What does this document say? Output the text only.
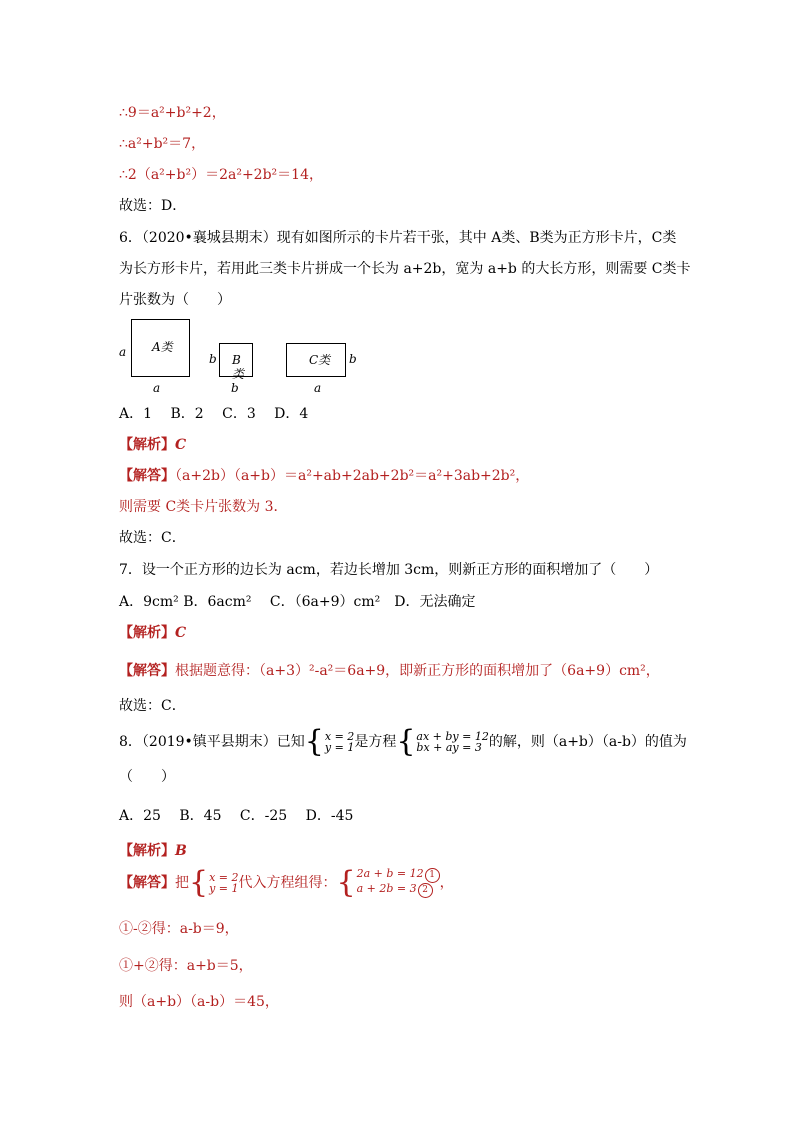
∴9＝a²+b²+2，
∴a²+b²＝7，
∴2（a²+b²）＝2a²+2b²＝14，
故选：D．
6．（2020•襄城县期末）现有如图所示的卡片若干张，其中 A类、B类为正方形卡片，C类
为长方形卡片，若用此三类卡片拼成一个长为 a+2b，宽为 a+b 的大长方形，则需要 C类卡
片张数为（　　）
a A类
a
b B类
b
C类 b
a
A．1　 B．2　 C．3　 D．4
【解析】C
【解答】（a+2b）（a+b）＝a²+ab+2ab+2b²＝a²+3ab+2b²，
则需要 C类卡片张数为 3．
故选：C．
7．设一个正方形的边长为 acm，若边长增加 3cm，则新正方形的面积增加了（　　）
A．9cm² B．6acm²　 C．（6a+9）cm²　D．无法确定
【解析】C
【解答】根据题意得：（a+3）²-a²＝6a+9，即新正方形的面积增加了（6a+9）cm²，
故选：C．
8．（2019•镇平县期末）已知{x = 2
y = 1是方程{ax + by = 12
bx + ay = 3 的解，则（a+b）（a-b）的值为
（　　）
A．25　 B．45　 C．-25　 D．-45
【解析】B
【解答】把{x = 2
y = 1代入方程组得：{2a + b = 12 1
a + 2b = 3 2 ，
①-②得：a-b＝9，
①+②得：a+b＝5，
则（a+b）（a-b）＝45，
